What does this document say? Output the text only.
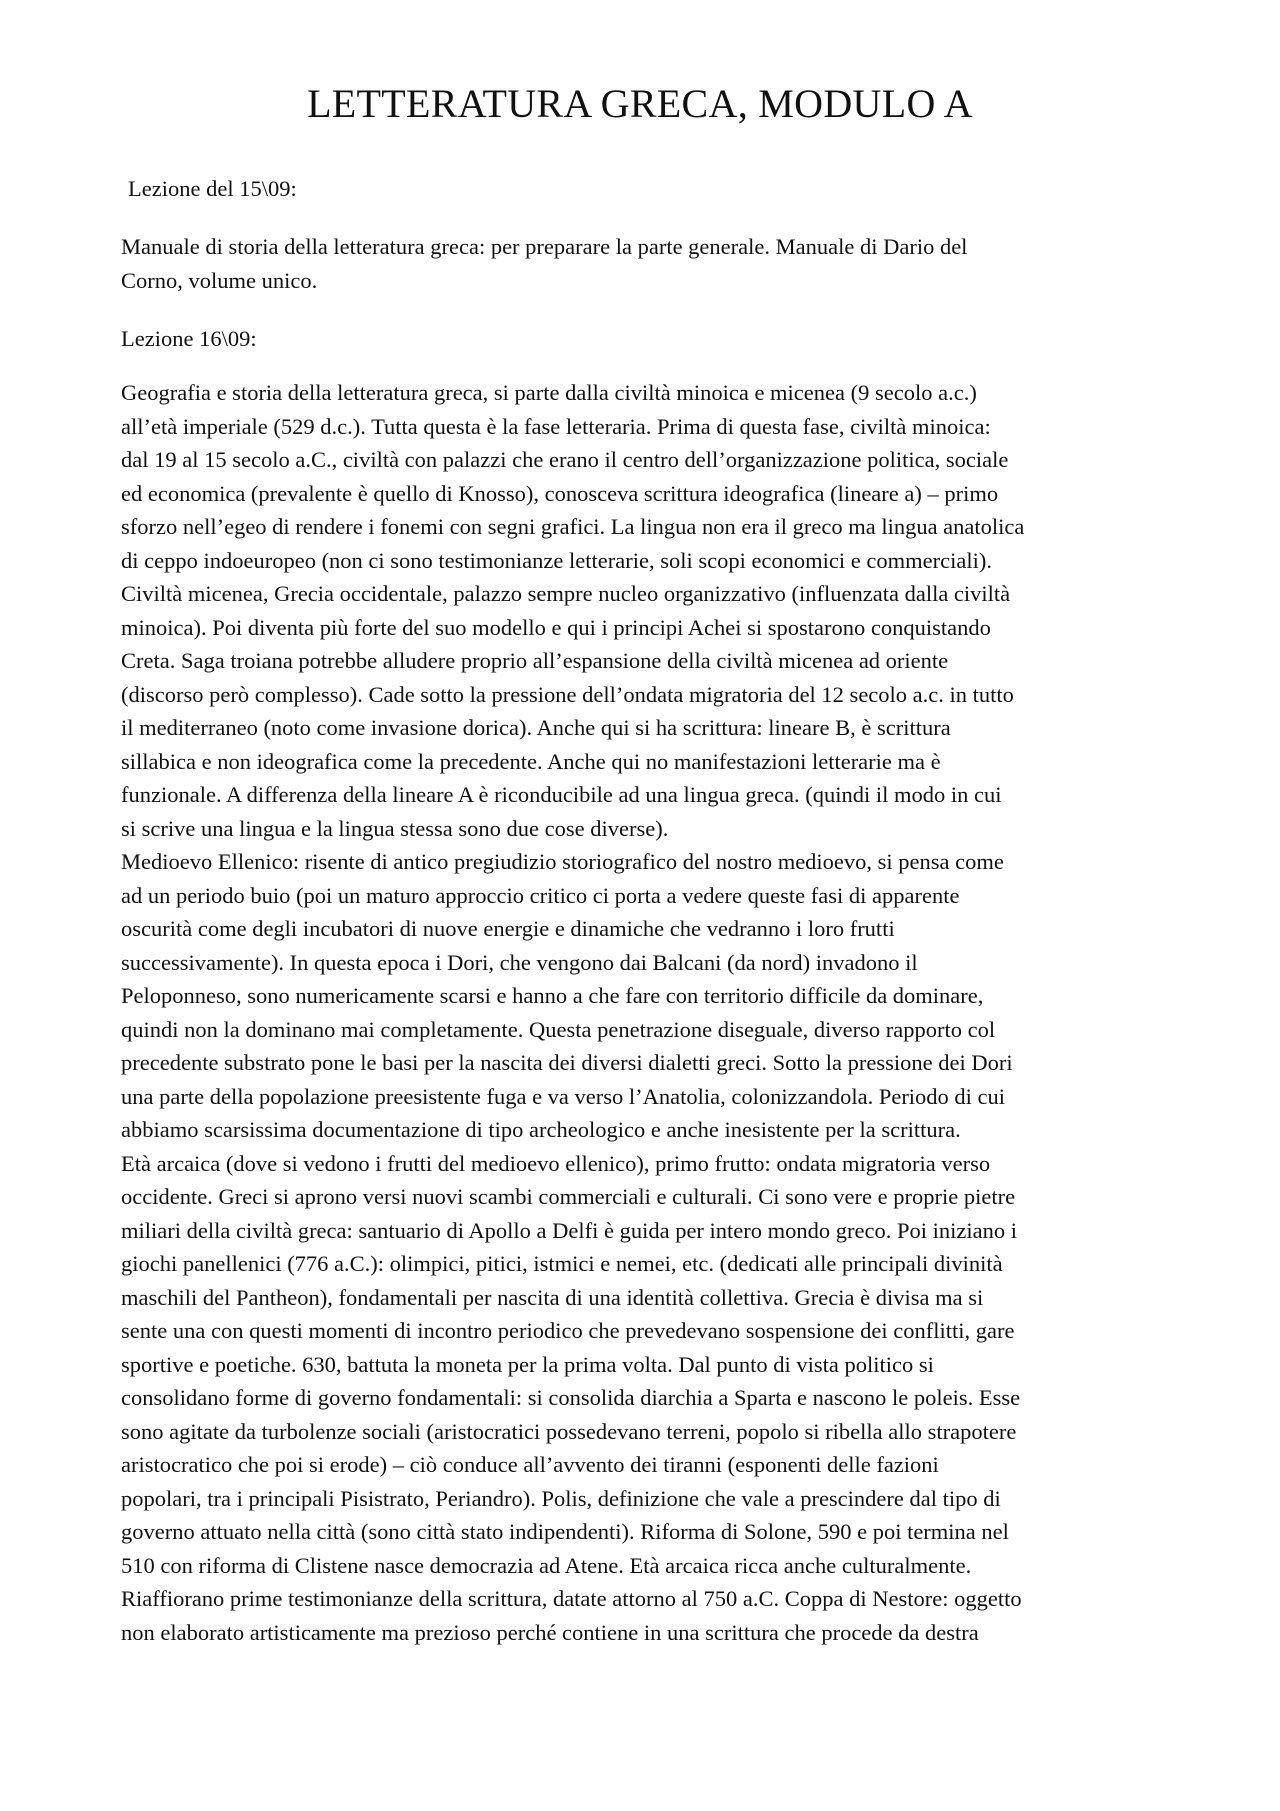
LETTERATURA GRECA, MODULO A

Lezione del 15\09:

Manuale di storia della letteratura greca: per preparare la parte generale. Manuale di Dario del
Corno, volume unico.

Lezione 16\09:

Geografia e storia della letteratura greca, si parte dalla civiltà minoica e micenea (9 secolo a.c.)
all’età imperiale (529 d.c.). Tutta questa è la fase letteraria. Prima di questa fase, civiltà minoica:
dal 19 al 15 secolo a.C., civiltà con palazzi che erano il centro dell’organizzazione politica, sociale
ed economica (prevalente è quello di Knosso), conosceva scrittura ideografica (lineare a) – primo
sforzo nell’egeo di rendere i fonemi con segni grafici. La lingua non era il greco ma lingua anatolica
di ceppo indoeuropeo (non ci sono testimonianze letterarie, soli scopi economici e commerciali).
Civiltà micenea, Grecia occidentale, palazzo sempre nucleo organizzativo (influenzata dalla civiltà
minoica). Poi diventa più forte del suo modello e qui i principi Achei si spostarono conquistando
Creta. Saga troiana potrebbe alludere proprio all’espansione della civiltà micenea ad oriente
(discorso però complesso). Cade sotto la pressione dell’ondata migratoria del 12 secolo a.c. in tutto
il mediterraneo (noto come invasione dorica). Anche qui si ha scrittura: lineare B, è scrittura
sillabica e non ideografica come la precedente. Anche qui no manifestazioni letterarie ma è
funzionale. A differenza della lineare A è riconducibile ad una lingua greca. (quindi il modo in cui
si scrive una lingua e la lingua stessa sono due cose diverse).
Medioevo Ellenico: risente di antico pregiudizio storiografico del nostro medioevo, si pensa come
ad un periodo buio (poi un maturo approccio critico ci porta a vedere queste fasi di apparente
oscurità come degli incubatori di nuove energie e dinamiche che vedranno i loro frutti
successivamente). In questa epoca i Dori, che vengono dai Balcani (da nord) invadono il
Peloponneso, sono numericamente scarsi e hanno a che fare con territorio difficile da dominare,
quindi non la dominano mai completamente. Questa penetrazione diseguale, diverso rapporto col
precedente substrato pone le basi per la nascita dei diversi dialetti greci. Sotto la pressione dei Dori
una parte della popolazione preesistente fuga e va verso l’Anatolia, colonizzandola. Periodo di cui
abbiamo scarsissima documentazione di tipo archeologico e anche inesistente per la scrittura.
Età arcaica (dove si vedono i frutti del medioevo ellenico), primo frutto: ondata migratoria verso
occidente. Greci si aprono versi nuovi scambi commerciali e culturali. Ci sono vere e proprie pietre
miliari della civiltà greca: santuario di Apollo a Delfi è guida per intero mondo greco. Poi iniziano i
giochi panellenici (776 a.C.): olimpici, pitici, istmici e nemei, etc. (dedicati alle principali divinità
maschili del Pantheon), fondamentali per nascita di una identità collettiva. Grecia è divisa ma si
sente una con questi momenti di incontro periodico che prevedevano sospensione dei conflitti, gare
sportive e poetiche. 630, battuta la moneta per la prima volta. Dal punto di vista politico si
consolidano forme di governo fondamentali: si consolida diarchia a Sparta e nascono le poleis. Esse
sono agitate da turbolenze sociali (aristocratici possedevano terreni, popolo si ribella allo strapotere
aristocratico che poi si erode) – ciò conduce all’avvento dei tiranni (esponenti delle fazioni
popolari, tra i principali Pisistrato, Periandro). Polis, definizione che vale a prescindere dal tipo di
governo attuato nella città (sono città stato indipendenti). Riforma di Solone, 590 e poi termina nel
510 con riforma di Clistene nasce democrazia ad Atene. Età arcaica ricca anche culturalmente.
Riaffiorano prime testimonianze della scrittura, datate attorno al 750 a.C. Coppa di Nestore: oggetto
non elaborato artisticamente ma prezioso perché contiene in una scrittura che procede da destra
